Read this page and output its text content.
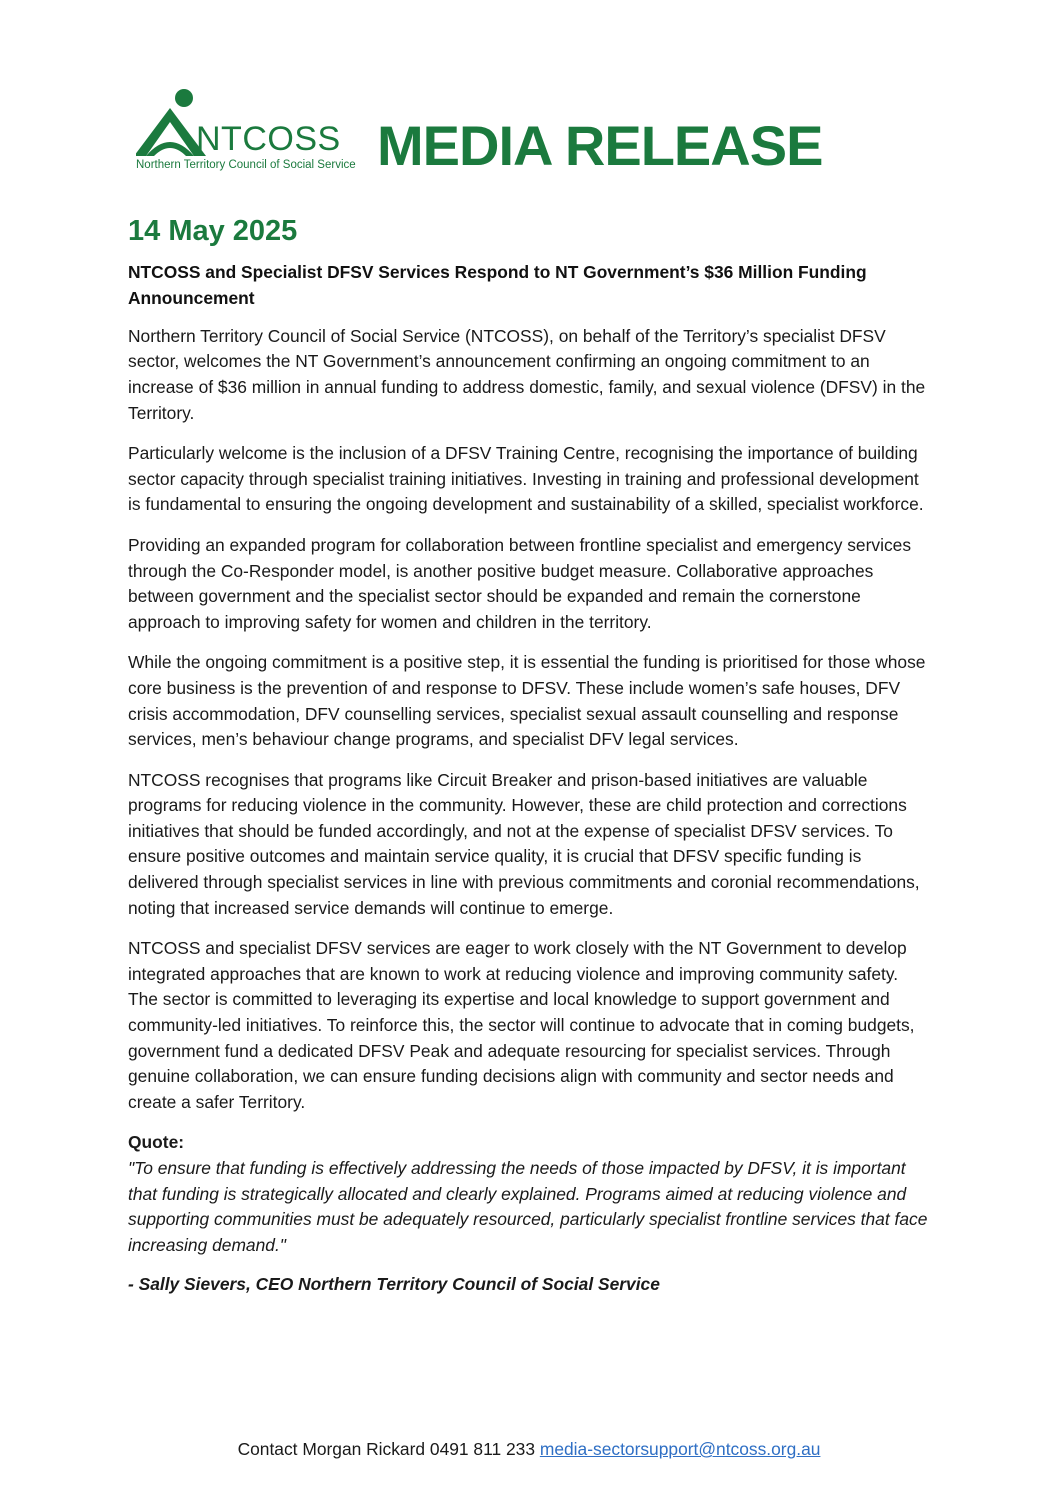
NTCOSS
Northern Territory Council of Social Service MEDIA RELEASE
14 May 2025
NTCOSS and Specialist DFSV Services Respond to NT Government’s $36 Million Funding Announcement

Northern Territory Council of Social Service (NTCOSS), on behalf of the Territory’s specialist DFSV sector, welcomes the NT Government’s announcement confirming an ongoing commitment to an increase of $36 million in annual funding to address domestic, family, and sexual violence (DFSV) in the Territory.

Particularly welcome is the inclusion of a DFSV Training Centre, recognising the importance of building sector capacity through specialist training initiatives. Investing in training and professional development is fundamental to ensuring the ongoing development and sustainability of a skilled, specialist workforce.

Providing an expanded program for collaboration between frontline specialist and emergency services through the Co-Responder model, is another positive budget measure. Collaborative approaches between government and the specialist sector should be expanded and remain the cornerstone approach to improving safety for women and children in the territory.

While the ongoing commitment is a positive step, it is essential the funding is prioritised for those whose core business is the prevention of and response to DFSV. These include women’s safe houses, DFV crisis accommodation, DFV counselling services, specialist sexual assault counselling and response services, men’s behaviour change programs, and specialist DFV legal services.

NTCOSS recognises that programs like Circuit Breaker and prison-based initiatives are valuable programs for reducing violence in the community. However, these are child protection and corrections initiatives that should be funded accordingly, and not at the expense of specialist DFSV services. To ensure positive outcomes and maintain service quality, it is crucial that DFSV specific funding is delivered through specialist services in line with previous commitments and coronial recommendations, noting that increased service demands will continue to emerge.

NTCOSS and specialist DFSV services are eager to work closely with the NT Government to develop integrated approaches that are known to work at reducing violence and improving community safety. The sector is committed to leveraging its expertise and local knowledge to support government and community-led initiatives. To reinforce this, the sector will continue to advocate that in coming budgets, government fund a dedicated DFSV Peak and adequate resourcing for specialist services. Through genuine collaboration, we can ensure funding decisions align with community and sector needs and create a safer Territory.

Quote:

"To ensure that funding is effectively addressing the needs of those impacted by DFSV, it is important that funding is strategically allocated and clearly explained. Programs aimed at reducing violence and supporting communities must be adequately resourced, particularly specialist frontline services that face increasing demand."

- Sally Sievers, CEO Northern Territory Council of Social Service

Contact Morgan Rickard 0491 811 233 media-sectorsupport@ntcoss.org.au
